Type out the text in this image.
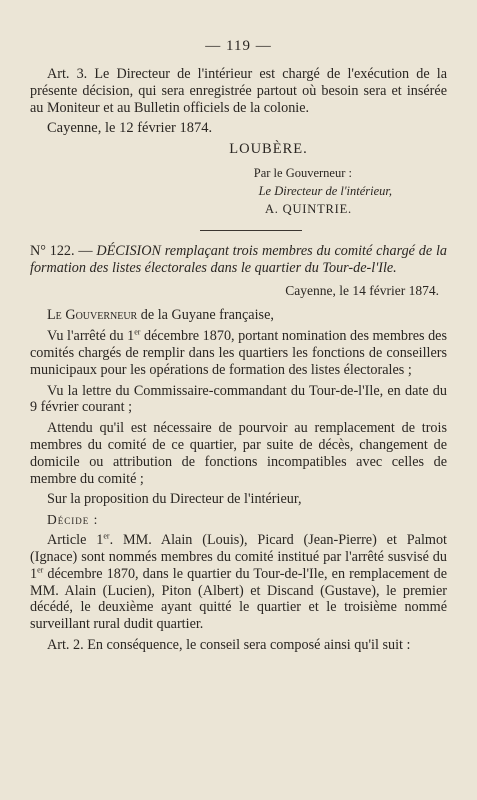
— 119 —

Art. 3. Le Directeur de l'intérieur est chargé de l'exécution de la présente décision, qui sera enregistrée partout où besoin sera et insérée au Moniteur et au Bulletin officiels de la colonie.

Cayenne, le 12 février 1874.

LOUBÈRE.
Par le Gouverneur :
Le Directeur de l'intérieur,
A. QUINTRIE.

N° 122. — DÉCISION remplaçant trois membres du comité chargé de la formation des listes électorales dans le quartier du Tour-de-l'Ile.

Cayenne, le 14 février 1874.

Le Gouverneur de la Guyane française,

Vu l'arrêté du 1er décembre 1870, portant nomination des membres des comités chargés de remplir dans les quartiers les fonctions de conseillers municipaux pour les opérations de formation des listes électorales ;

Vu la lettre du Commissaire-commandant du Tour-de-l'Ile, en date du 9 février courant ;

Attendu qu'il est nécessaire de pourvoir au remplacement de trois membres du comité de ce quartier, par suite de décès, changement de domicile ou attribution de fonctions incompatibles avec celles de membre du comité ;

Sur la proposition du Directeur de l'intérieur,

Décide :

Article 1er. MM. Alain (Louis), Picard (Jean-Pierre) et Palmot (Ignace) sont nommés membres du comité institué par l'arrêté susvisé du 1er décembre 1870, dans le quartier du Tour-de-l'Ile, en remplacement de MM. Alain (Lucien), Piton (Albert) et Discand (Gustave), le premier décédé, le deuxième ayant quitté le quartier et le troisième nommé surveillant rural dudit quartier.

Art. 2. En conséquence, le conseil sera composé ainsi qu'il suit :
